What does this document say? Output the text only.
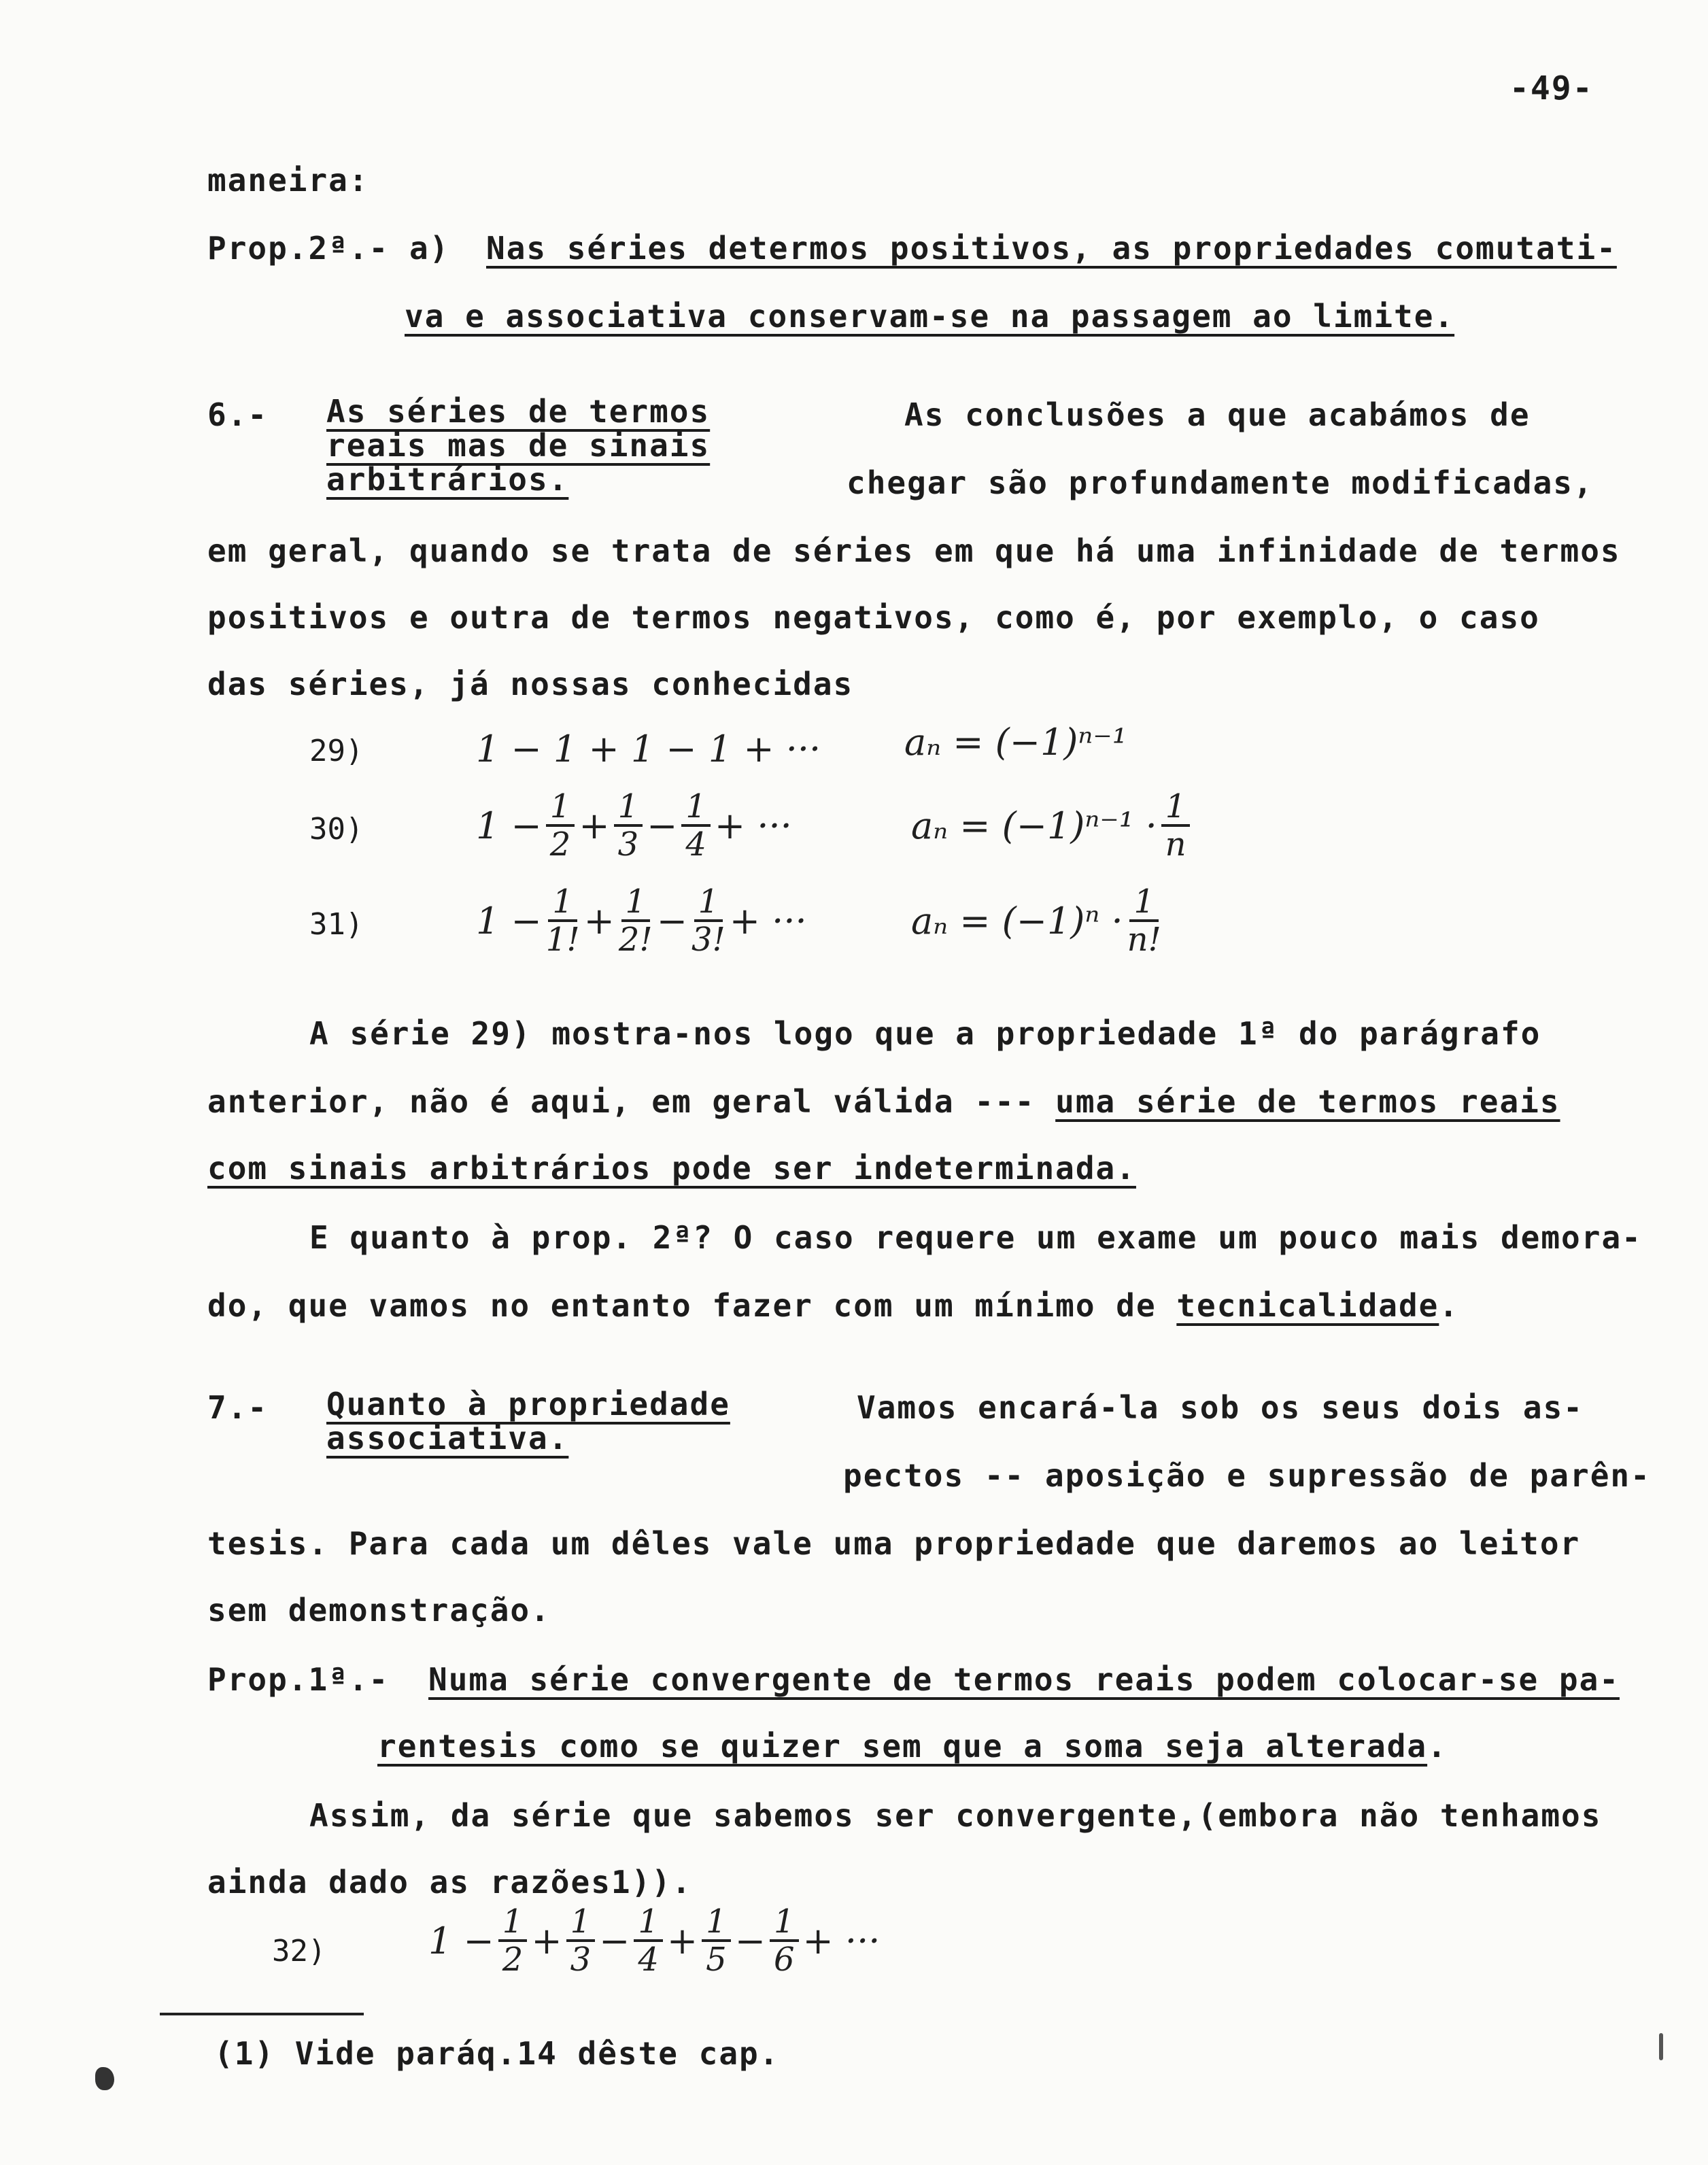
-49-
maneira:
Prop.2ª.- a) Nas séries determos positivos, as propriedades comutati-
va e associativa conservam-se na passagem ao limite.
6.- As séries de termos
reais mas de sinais
arbitrários.
As conclusões a que acabámos de
chegar são profundamente modificadas,
em geral, quando se trata de séries em que há uma infinidade de termos
positivos e outra de termos negativos, como é, por exemplo, o caso
das séries, já nossas conhecidas
29)	1 − 1 + 1 − 1 + ··· aₙ = (−1)ⁿ⁻¹
30)	$1 - \frac{1}{2} + \frac{1}{3} - \frac{1}{4}$ + ···	$a_n = (-1)^{n-1} \cdot \frac{1}{n}$
31)	$1 - \frac{1}{1!} + \frac{1}{2!} - \frac{1}{3!}$ + ···	$a_n = (-1)^n \cdot \frac{1}{n!}$
A série 29) mostra-nos logo que a propriedade 1ª do parágrafo
anterior, não é aqui, em geral válida --- uma série de termos reais
com sinais arbitrários pode ser indeterminada.
E quanto à prop. 2ª? O caso requere um exame um pouco mais demora-
do, que vamos no entanto fazer com um mínimo de tecnicalidade.
7.- Quanto à propriedade
associativa.
Vamos encará-la sob os seus dois as-
pectos -- aposição e supressão de parên-
tesis. Para cada um dêles vale uma propriedade que daremos ao leitor
sem demonstração.
Prop.1ª.- Numa série convergente de termos reais podem colocar-se pa-
rentesis como se quizer sem que a soma seja alterada.
Assim, da série que sabemos ser convergente,(embora não tenhamos
ainda dado as razões1)).
32)	$1 - \frac{1}{2} + \frac{1}{3} - \frac{1}{4} + \frac{1}{5} - \frac{1}{6}$ + ···
(1) Vide paráq.14 dêste cap.
